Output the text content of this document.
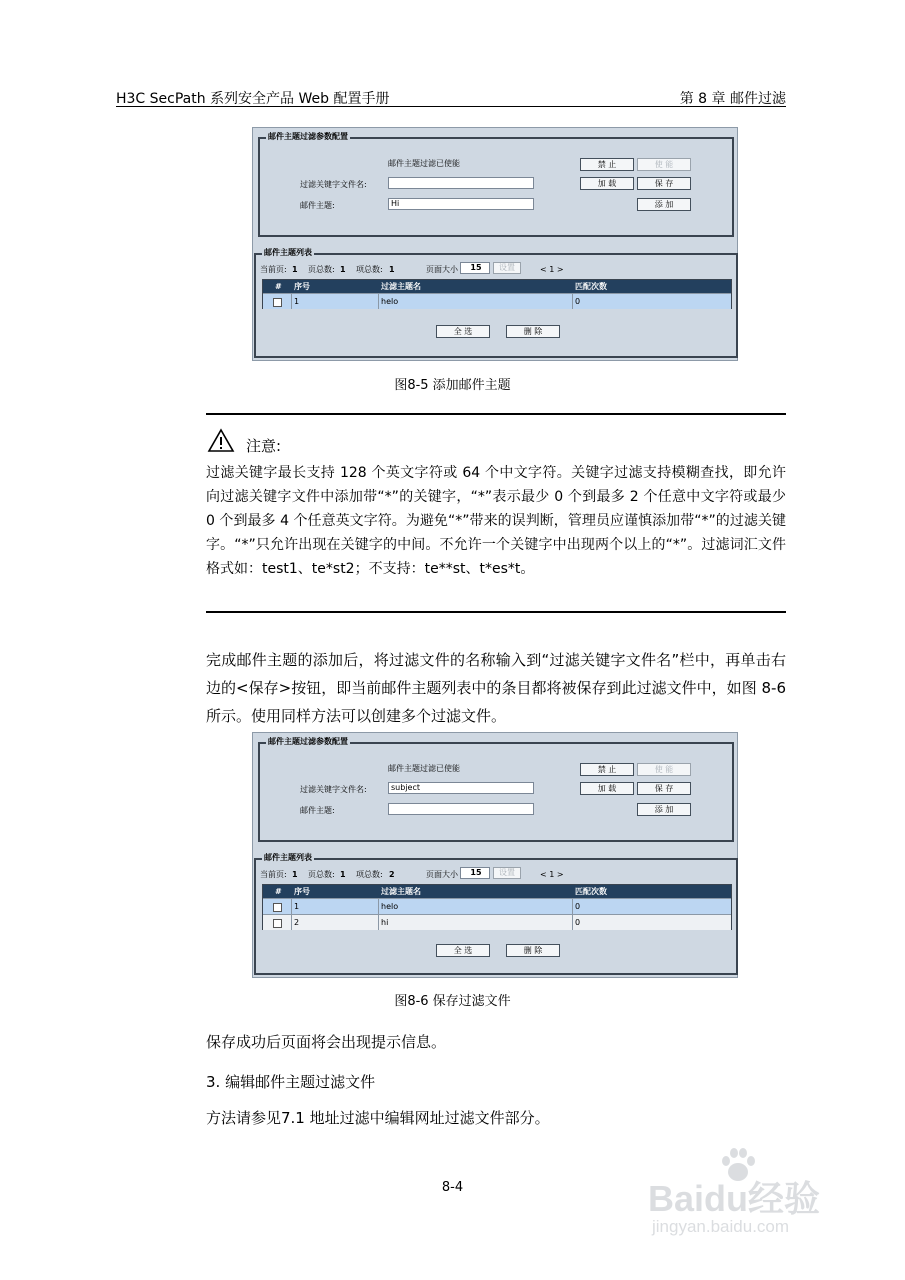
H3C SecPath 系列安全产品 Web 配置手册	第 8 章 邮件过滤
邮件主题过滤参数配置
邮件主题过滤已使能
过滤关键字文件名:
邮件主题:	Hi
禁 止	使 能
加 载	保 存
添 加
邮件主题列表
当前页: 1 页总数: 1 项总数: 1	页面大小	15	设置	< 1 >
# 序号	过滤主题名	匹配次数
1	helo	0
全 选	删 除
图8-5 添加邮件主题
注意:
过滤关键字最长支持 128 个英文字符或 64 个中文字符。关键字过滤支持模糊查找，即允许向过滤关键字文件中添加带“*”的关键字，“*”表示最少 0 个到最多 2 个任意中文字符或最少 0 个到最多 4 个任意英文字符。为避免“*”带来的误判断，管理员应谨慎添加带“*”的过滤关键字。“*”只允许出现在关键字的中间。不允许一个关键字中出现两个以上的“*”。过滤词汇文件格式如：test1、te*st2；不支持：te**st、t*es*t。
完成邮件主题的添加后，将过滤文件的名称输入到“过滤关键字文件名”栏中，再单击右边的<保存>按钮，即当前邮件主题列表中的条目都将被保存到此过滤文件中，如图 8-6所示。使用同样方法可以创建多个过滤文件。
邮件主题过滤参数配置
邮件主题过滤已使能
过滤关键字文件名:	subject
邮件主题:
禁 止	使 能
加 载	保 存
添 加
邮件主题列表
当前页: 1 页总数: 1 项总数: 2	页面大小	15	设置	< 1 >
# 序号	过滤主题名	匹配次数
1	helo	0
2	hi	0
全 选	删 除
图8-6 保存过滤文件
保存成功后页面将会出现提示信息。
3. 编辑邮件主题过滤文件
方法请参见7.1 地址过滤中编辑网址过滤文件部分。
8-4	Baidu经验
jingyan.baidu.com
